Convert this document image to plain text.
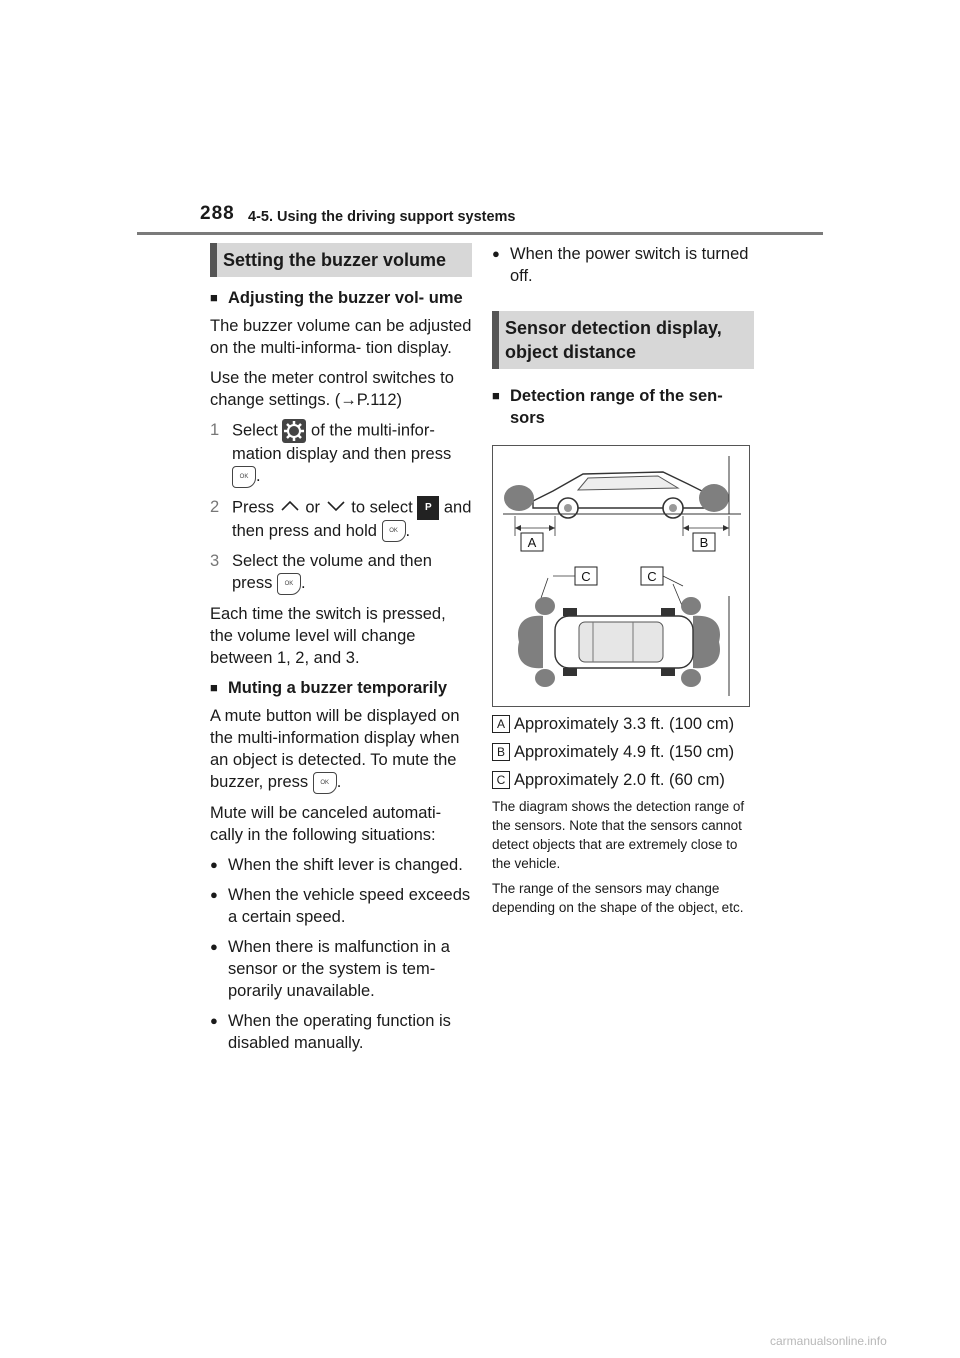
288 4-5. Using the driving support systems
Setting the buzzer volume
■ Adjusting the buzzer vol- ume

The buzzer volume can be adjusted on the multi-informa- tion display.

Use the meter control switches to change settings. (→P.112)

1 Select of the multi-infor- mation display and then press OK .
2 Press or to select P and then press and hold OK .
3 Select the volume and then press OK .

Each time the switch is pressed, the volume level will change between 1, 2, and 3.

■ Muting a buzzer temporarily

A mute button will be displayed on the multi-information display when an object is detected. To mute the buzzer, press OK .

Mute will be canceled automati- cally in the following situations:

● When the shift lever is changed.
● When the vehicle speed exceeds a certain speed.
● When there is malfunction in a sensor or the system is tem- porarily unavailable.
● When the operating function is disabled manually.
● When the power switch is turned off.
Sensor detection display, object distance
■ Detection range of the sen- sors
A	B
C	C
A Approximately 3.3 ft. (100 cm)
B Approximately 4.9 ft. (150 cm)
C Approximately 2.0 ft. (60 cm)

The diagram shows the detection range of the sensors. Note that the sensors cannot detect objects that are extremely close to the vehicle.

The range of the sensors may change depending on the shape of the object, etc.

carmanualsonline.info
